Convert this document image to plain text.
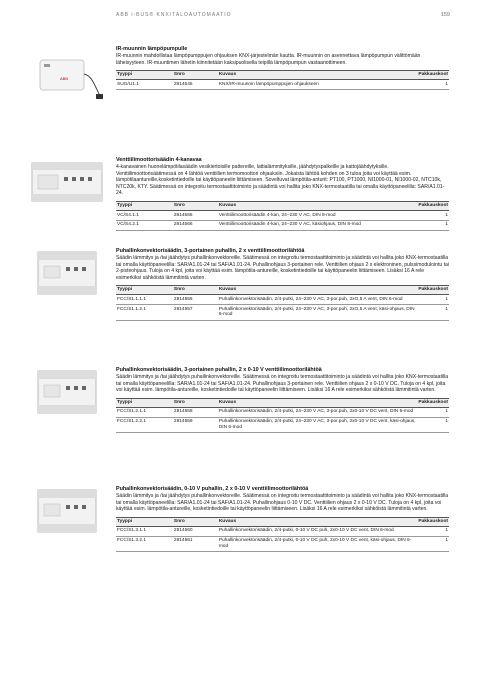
ABB i-BUS® KNX/TALOAUTOMAATIO	159
ABB
IR-muunnin lämpöpumpulle
IR-muunnin mahdollistaa lämpöpumppujen ohjauksen KNX-järjestelmän kautta. IR-muunnin on asennettava lämpöpumpun välittömään läheisyyteen. IR-muuntimen lähetin kiinnitetään kaksipuolisella teipillä lämpöpumpun vastaanottimeen.
Tyyppi	Snro	Kuvaus	Pakkauskoot
SUG/U1.1	2814545	KNX/IR-muunnin lämpöpumppujen ohjaukseen	1
Venttiilimoottorisäädin 4-kanavaa
4-kanavainen huonelämpötilasäädin vesikiertoisille pattereille, lattialämmityksille, jäähdytyspalkeille ja kattojäähdytyksille. Venttiilimoottorisäätimessä on 4 lähtöä venttiilien termomoottori ohjauksiin. Jokaista lähtöä kohden on 3 tuloa joita voi käyttää esim. lämpötilaantureille,kosketintiedoille tai käyttöpaneelin liittämiseen. Soveltuvat lämpötila-anturit: PT100, PT1000, NI1000-01, NI1000-02, NTC10k, NTC20k, KTY. Säätimessä on integroitu termostaattitoiminto ja säädintä voi hallita joko KNX-termostaatilla tai omalla käyttöpaneelilla: SAR/A1.01-24.
Tyyppi	Snro	Kuvaus	Pakkauskoot
VC/S4.1.1	2814565	Venttiilimoottorisäädin 4-kan, 24–230 V AC, DIN 8-mod	1
VC/S4.2.1	2814566	Venttiilimoottorisäädin 4-kan, 24–230 V AC, käsiohjaus, DIN 8-mod	1
Puhallinkonvektorisäädin, 3-portainen puhallin, 2 x venttiilimoottorilähtöä
Säädin lämmitys ja /tai jäähdytys puhallinkonvektoreille. Säätimessä on integroitu termostaattitoiminto ja säädintä voi hallita joko KNX-termostaatilla tai omalla käyttöpaneelilla: SAR/A1.01-24 tai SAF/A1.01-24. Puhallinohjaus 3-portainen rele. Venttiilien ohjaus 2 x elektroninen, pulssimodulointu tai 2-pisteohjaus. Tuloja on 4 kpl, joita voi käyttää esim. lämpötila-antureille, kosketintiedoille tai käyttöpaneelin liittämiseen. Lisäksi 16 A rele esimerkiksi sähköistä lämmitintä varten.
Tyyppi	Snro	Kuvaus	Pakkauskoot
FCC/S1.1.1.1	2814556	Puhallinkonvektorisäädin, 2/4-putki, 24–230 V AC, 3-por.puh, 2xO,5 A vent, DIN 6-mod	1
FCC/S1.1.2.1	2814557	Puhallinkonvektorisäädin, 2/4-putki, 24–230 V AC, 3-por.puh, 2xO,5 A vent, käsi-ohjaus, DIN 6-mod	1
Puhallinkonvektorisäädin, 3-portainen puhallin, 2 x 0-10 V venttiilimoottorilähtöä
Säädin lämmitys ja /tai jäähdytys puhallinkonvektoreille. Säätimessä on integroitu termostaattitoiminto ja säädintä voi hallita joko KNX-termostaatilla tai omalla käyttöpaneelilla: SAR/A1.01-24 tai SAF/A1.01-24. Puhallinohjaus 3-portainen rele. Venttiilien ohjaus 2 x 0-10 V DC. Tuloja on 4 kpl, joita voi käyttää esim. lämpötila-antureille, kosketintiedoille tai käyttöpaneelin liittämiseen. Lisäksi 16 A rele esimerkiksi sähköistä lämmitintä varten.
Tyyppi	Snro	Kuvaus	Pakkauskoot
FCC/S1.2.1.1	2814558	Puhallinkonvektorisäädin, 2/4-putki, 24–230 V AC, 3-por.puh, 2x0-10 V DC vent, DIN 6-mod	1
FCC/S1.2.2.1	2814559	Puhallinkonvektorisäädin, 2/4-putki, 24–230 V AC, 3-por.puh, 2x0-10 V DC vent, käsi-ohjaus, DIN 6-mod	1
Puhallinkonvektorisäädin, 0-10 V puhallin, 2 x 0-10 V venttiilimoottorilähtöä
Säädin lämmitys ja /tai jäähdytys puhallinkonvektoreille. Säätimessä on integroitu termostaattitoiminto ja säädintä voi hallita joko KNX-termostaatilla tai omalla käyttöpaneelilla: SAR/A1.01-24 tai SAF/A1.01-24. Puhallinohjaus 0-10 V DC. Venttiilien ohjaus 2 x 0-10 V DC. Tuloja on 4 kpl, joita voi käyttää esim. lämpötila-antureille, kosketintiedoille tai käyttöpaneelin liittämiseen. Lisäksi 16 A rele esimerkiksi sähköistä lämmitintä varten.
Tyyppi	Snro	Kuvaus	Pakkauskoot
FCC/S1.3.1.1	2814560	Puhallinkonvektorisäädin, 2/4-putki, 0-10 V DC puh, 2x0-10 V DC vent, DIN 6-mod	1
FCC/S1.3.2.1	2814561	Puhallinkonvektorisäädin, 2/4-putki, 0-10 V DC puh, 2x0-10 V DC vent, käsi-ohjaus, DIN 6-mod	1
